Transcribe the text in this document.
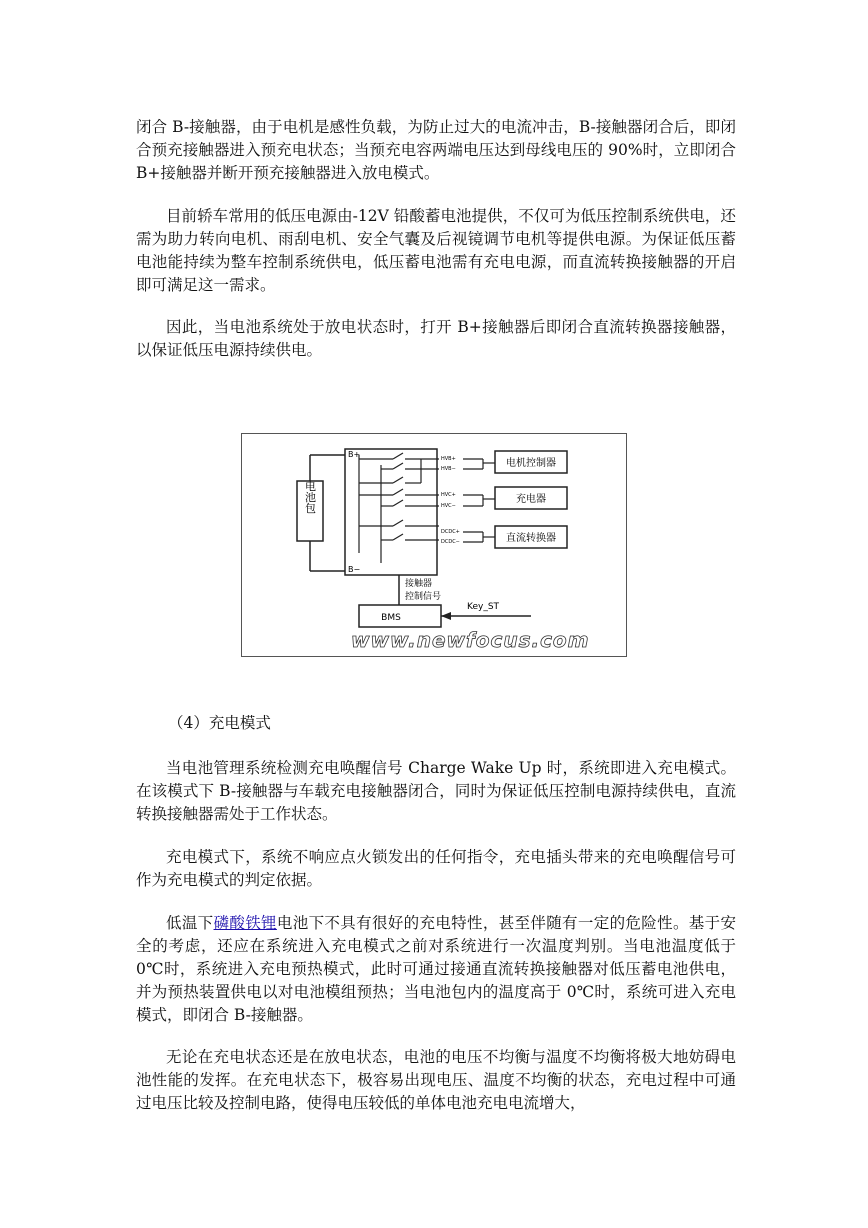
闭合 B-接触器，由于电机是感性负载，为防止过大的电流冲击，B-接触器闭合后，即闭合预充接触器进入预充电状态；当预充电容两端电压达到母线电压的 90%时，立即闭合 B+接触器并断开预充接触器进入放电模式。

目前轿车常用的低压电源由-12V 铅酸蓄电池提供，不仅可为低压控制系统供电，还需为助力转向电机、雨刮电机、安全气囊及后视镜调节电机等提供电源。为保证低压蓄电池能持续为整车控制系统供电，低压蓄电池需有充电电源，而直流转换接触器的开启即可满足这一需求。

因此，当电池系统处于放电状态时，打开 B+接触器后即闭合直流转换器接触器，以保证低压电源持续供电。

电池包
B+
B−
HVB+
HVB−
HVC+
HVC−
DCDC+
DCDC−
电机控制器
充电器
直流转换器
接触器
控制信号
BMS
Key_ST
www.newfocus.com

（4）充电模式

当电池管理系统检测充电唤醒信号 Charge Wake Up 时，系统即进入充电模式。在该模式下 B-接触器与车载充电接触器闭合，同时为保证低压控制电源持续供电，直流转换接触器需处于工作状态。

充电模式下，系统不响应点火锁发出的任何指令，充电插头带来的充电唤醒信号可作为充电模式的判定依据。

低温下磷酸铁锂电池下不具有很好的充电特性，甚至伴随有一定的危险性。基于安全的考虑，还应在系统进入充电模式之前对系统进行一次温度判别。当电池温度低于 0℃时，系统进入充电预热模式，此时可通过接通直流转换接触器对低压蓄电池供电，并为预热装置供电以对电池模组预热；当电池包内的温度高于 0℃时，系统可进入充电模式，即闭合 B-接触器。

无论在充电状态还是在放电状态，电池的电压不均衡与温度不均衡将极大地妨碍电池性能的发挥。在充电状态下，极容易出现电压、温度不均衡的状态，充电过程中可通过电压比较及控制电路，使得电压较低的单体电池充电电流增大，
